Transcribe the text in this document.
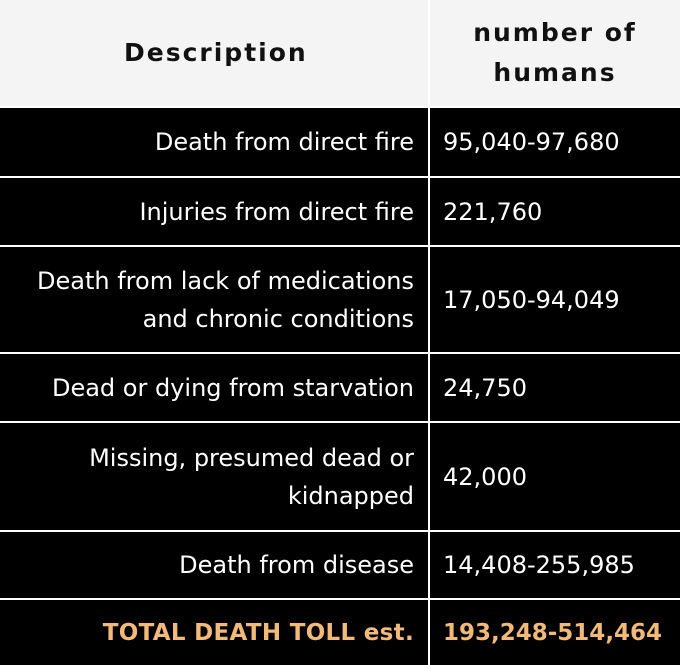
Description
number of humans
Death from direct fire 95,040-97,680
Injuries from direct fire 221,760
Death from lack of medications and chronic conditions
17,050-94,049
Dead or dying from starvation 24,750
Missing, presumed dead or kidnapped
42,000
Death from disease 14,408-255,985
TOTAL DEATH TOLL est. 193,248-514,464
